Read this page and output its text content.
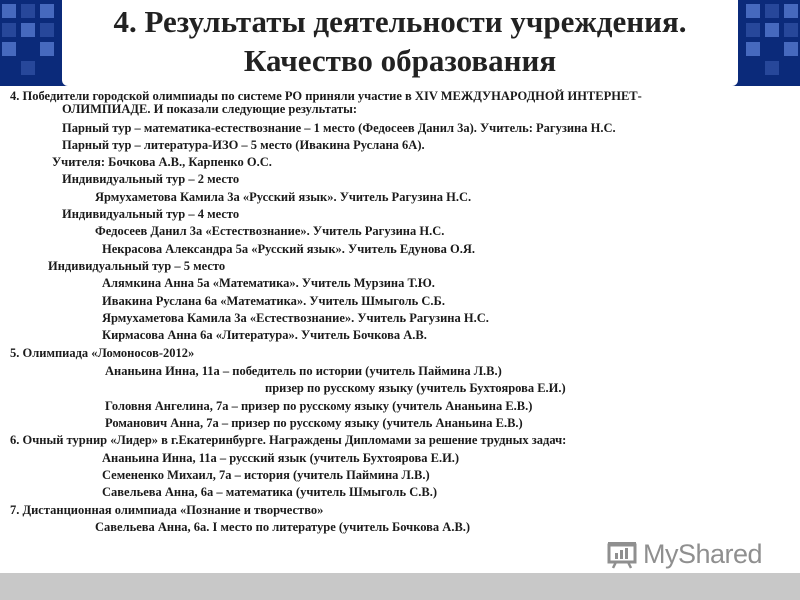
4. Результаты деятельности учреждения.
Качество образования
4. Победители городской олимпиады по системе РО приняли участие в XIV МЕЖДУНАРОДНОЙ ИНТЕРНЕТ-
ОЛИМПИАДЕ. И показали следующие результаты:
Парный тур – математика-естествознание – 1 место (Федосеев Данил 3а). Учитель: Рагузина Н.С.
Парный тур – литература-ИЗО – 5 место (Ивакина Руслана 6А).
Учителя: Бочкова А.В., Карпенко О.С.
Индивидуальный тур – 2 место
Ярмухаметова Камила 3а «Русский язык». Учитель Рагузина Н.С.
Индивидуальный тур – 4 место
Федосеев Данил 3а «Естествознание». Учитель Рагузина Н.С.
Некрасова Александра 5а «Русский язык». Учитель Едунова О.Я.
Индивидуальный тур – 5 место
Алямкина Анна 5а «Математика». Учитель Мурзина Т.Ю.
Ивакина Руслана 6а «Математика». Учитель Шмыголь С.Б.
Ярмухаметова Камила 3а «Естествознание». Учитель Рагузина Н.С.
Кирмасова Анна 6а «Литература». Учитель Бочкова А.В.
5. Олимпиада «Ломоносов-2012»
Ананьина Инна, 11а – победитель по истории (учитель Паймина Л.В.)
призер по русскому языку (учитель Бухтоярова Е.И.)
Головня Ангелина, 7а – призер по русскому языку (учитель Ананьина Е.В.)
Романович Анна, 7а – призер по русскому языку (учитель Ананьина Е.В.)
6. Очный турнир «Лидер» в г.Екатеринбурге. Награждены Дипломами за решение трудных задач:
Ананьина Инна, 11а – русский язык (учитель Бухтоярова Е.И.)
Семененко Михаил, 7а – история (учитель Паймина Л.В.)
Савельева Анна, 6а – математика (учитель Шмыголь С.В.)
7. Дистанционная олимпиада «Познание и творчество»
Савельева Анна, 6а. I место по литературе (учитель Бочкова А.В.)
MyShared
